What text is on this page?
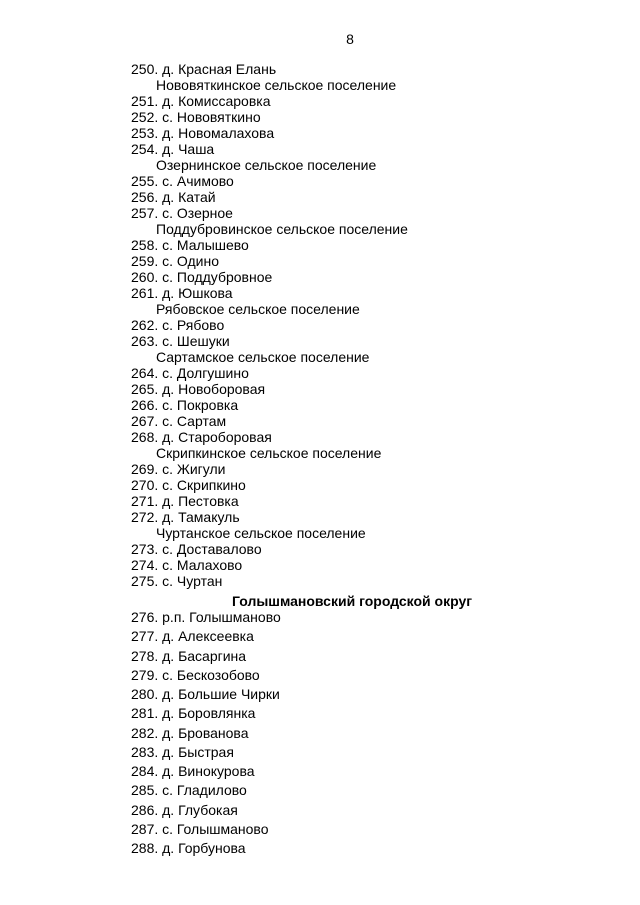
8
250. д. Красная Елань
Нововяткинское сельское поселение
251. д. Комиссаровка
252. с. Нововяткино
253. д. Новомалахова
254. д. Чаша
Озернинское сельское поселение
255. с. Ачимово
256. д. Катай
257. с. Озерное
Поддубровинское сельское поселение
258. с. Малышево
259. с. Одино
260. с. Поддубровное
261. д. Юшкова
Рябовское сельское поселение
262. с. Рябово
263. с. Шешуки
Сартамское сельское поселение
264. с. Долгушино
265. д. Новоборовая
266. с. Покровка
267. с. Сартам
268. д. Староборовая
Скрипкинское сельское поселение
269. с. Жигули
270. с. Скрипкино
271. д. Пестовка
272. д. Тамакуль
Чуртанское сельское поселение
273. с. Доставалово
274. с. Малахово
275. с. Чуртан
Голышмановский городской округ
276. р.п. Голышманово
277. д. Алексеевка
278. д. Басаргина
279. с. Бескозобово
280. д. Большие Чирки
281. д. Боровлянка
282. д. Брованова
283. д. Быстрая
284. д. Винокурова
285. с. Гладилово
286. д. Глубокая
287. с. Голышманово
288. д. Горбунова
